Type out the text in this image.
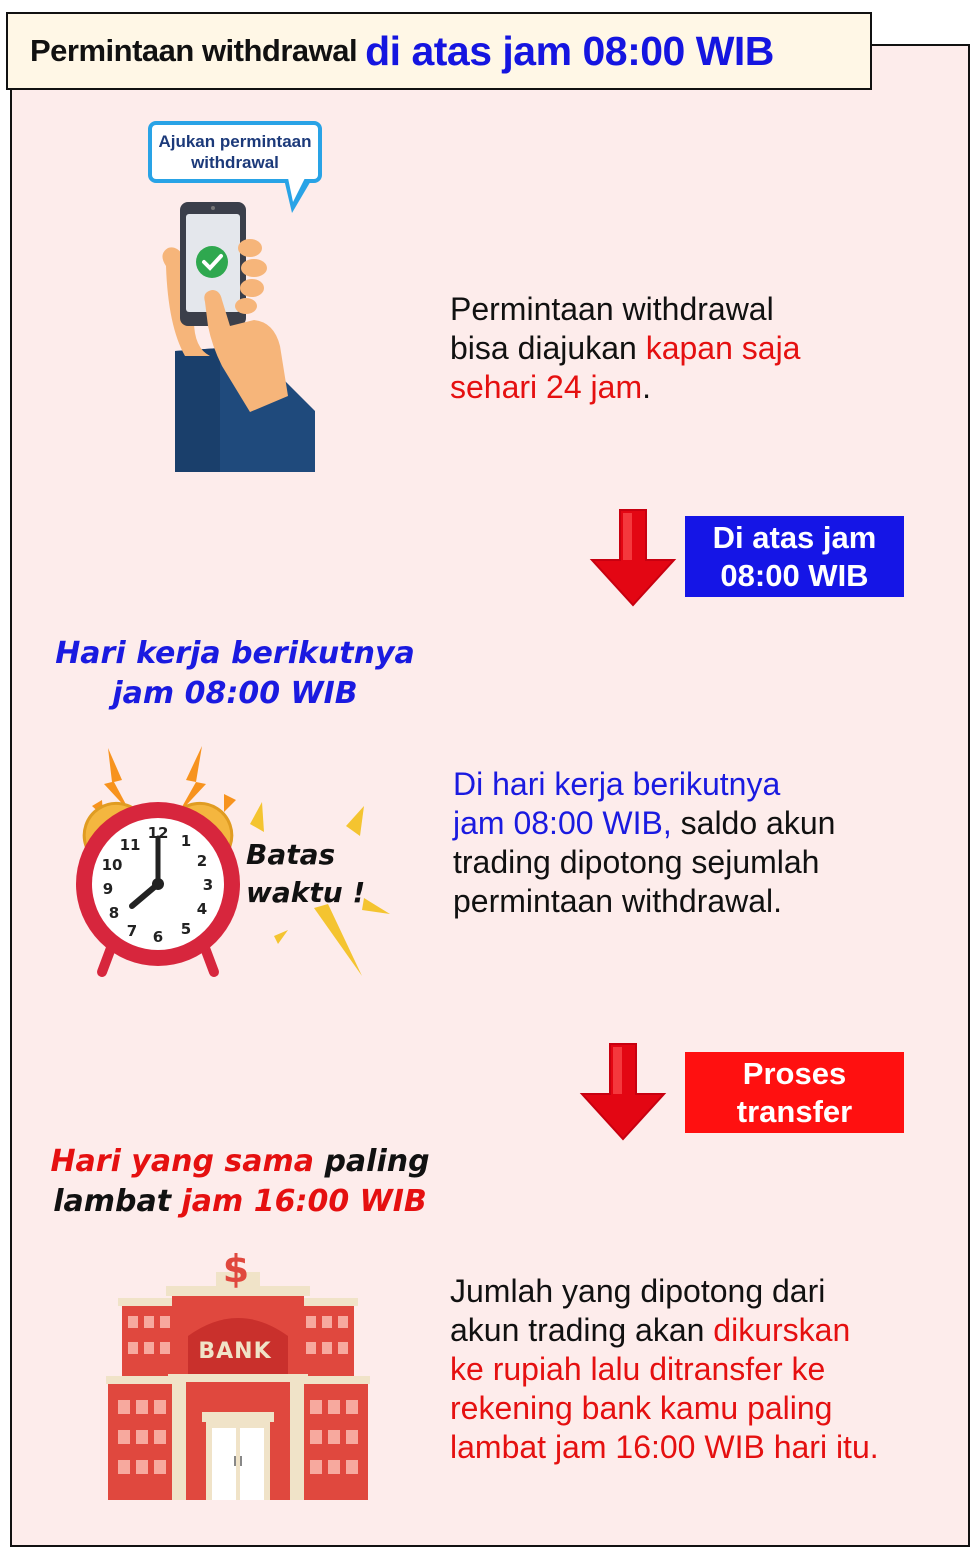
Permintaan withdrawal di atas jam 08:00 WIB
Ajukan permintaan
withdrawal
Permintaan withdrawal
bisa diajukan kapan saja
sehari 24 jam.
Di atas jam
08:00 WIB
Hari kerja berikutnya
jam 08:00 WIB
12 1
2
3
4
5
6
7
8
9
10
11	Batas
waktu !
Di hari kerja berikutnya
jam 08:00 WIB, saldo akun
trading dipotong sejumlah
permintaan withdrawal.
Proses
transfer
Hari yang sama paling
lambat jam 16:00 WIB
$
BANK
Jumlah yang dipotong dari
akun trading akan dikurskan
ke rupiah lalu ditransfer ke
rekening bank kamu paling
lambat jam 16:00 WIB hari itu.
